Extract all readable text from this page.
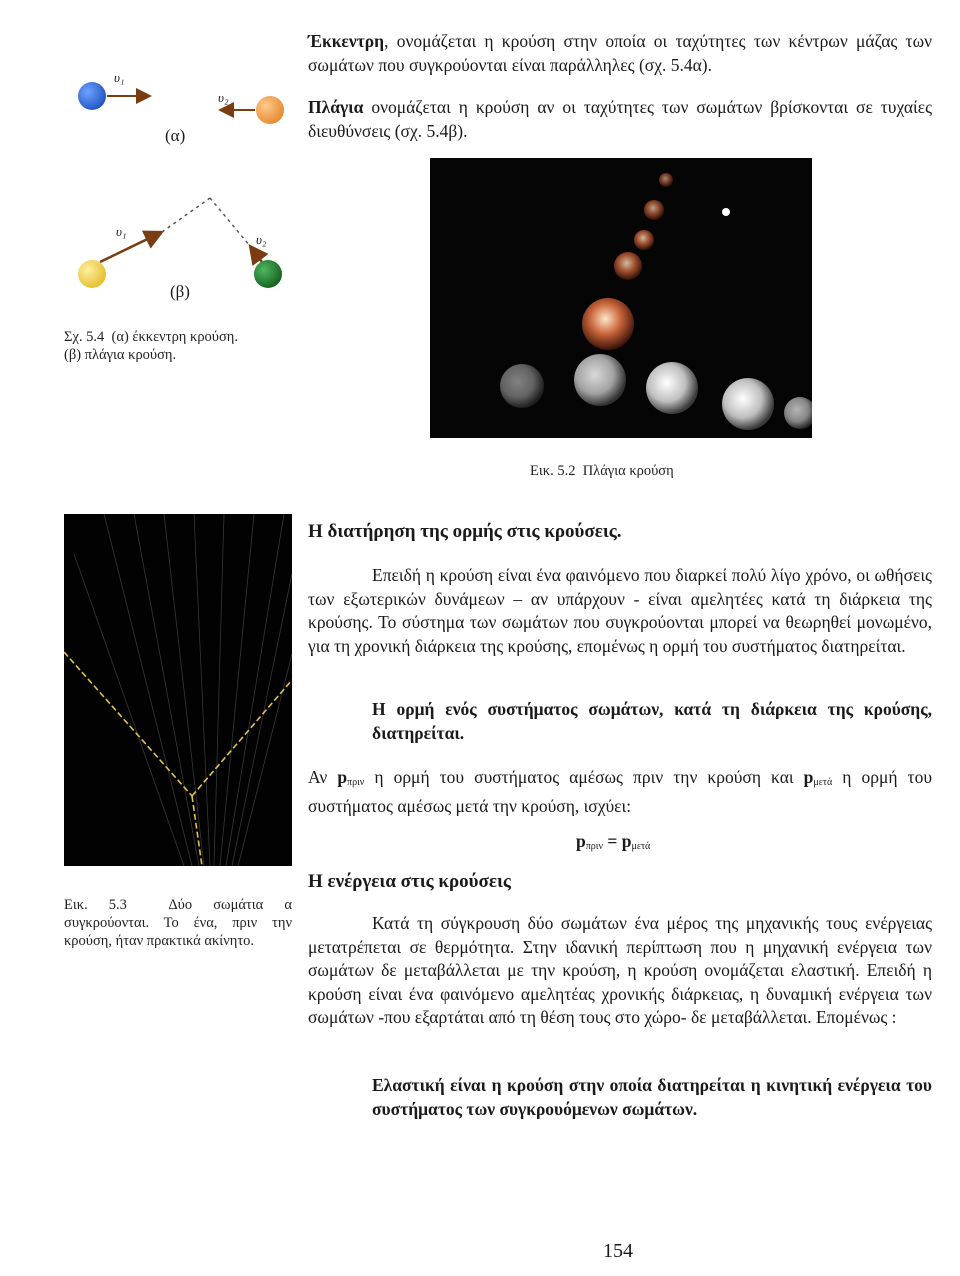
Έκκεντρη, ονομάζεται η κρούση στην οποία οι ταχύτητες των κέντρων μάζας των σωμάτων που συγκρούονται είναι παράλληλες (σχ. 5.4α).
Πλάγια ονομάζεται η κρούση αν οι ταχύτητες των σωμάτων βρίσκονται σε τυχαίες διευθύνσεις (σχ. 5.4β).
υ₁
υ₂
(α)
υ₁
υ₂
(β)
Σχ. 5.4 (α) έκκεντρη κρούση.
(β) πλάγια κρούση.
Εικ. 5.2 Πλάγια κρούση
Εικ. 5.3	Δύο σωμάτια α συγκρούονται. Το ένα, πριν την κρούση, ήταν πρακτικά ακίνητο.
Η διατήρηση της ορμής στις κρούσεις.
Επειδή η κρούση είναι ένα φαινόμενο που διαρκεί πολύ λίγο χρόνο, οι ωθήσεις των εξωτερικών δυνάμεων – αν υπάρχουν - είναι αμελητέες κατά τη διάρκεια της κρούσης. Το σύστημα των σωμάτων που συγκρούονται μπορεί να θεωρηθεί μονωμένο, για τη χρονική διάρκεια της κρούσης, επομένως η ορμή του συστήματος διατηρείται.
Η ορμή ενός συστήματος σωμάτων, κατά τη διάρκεια της κρούσης, διατηρείται.
Αν $p_{\pi\rho\iota\nu}$ η ορμή του συστήματος αμέσως πριν την κρούση και $p_{\mu\varepsilon\tau ά}$ η ορμή του συστήματος αμέσως μετά την κρούση, ισχύει:
$p_{\pi\rho\iota\nu} = p_{\mu\varepsilon\tau ά}$
Η ενέργεια στις κρούσεις
Κατά τη σύγκρουση δύο σωμάτων ένα μέρος της μηχανικής τους ενέργειας μετατρέπεται σε θερμότητα. Στην ιδανική περίπτωση που η μηχανική ενέργεια των σωμάτων δε μεταβάλλεται με την κρούση, η κρούση ονομάζεται ελαστική. Επειδή η κρούση είναι ένα φαινόμενο αμελητέας χρονικής διάρκειας, η δυναμική ενέργεια των σωμάτων -που εξαρτάται από τη θέση τους στο χώρο- δε μεταβάλλεται. Επομένως :
Ελαστική είναι η κρούση στην οποία διατηρείται η κινητική ενέργεια του συστήματος των συγκρουόμενων σωμάτων.
154
